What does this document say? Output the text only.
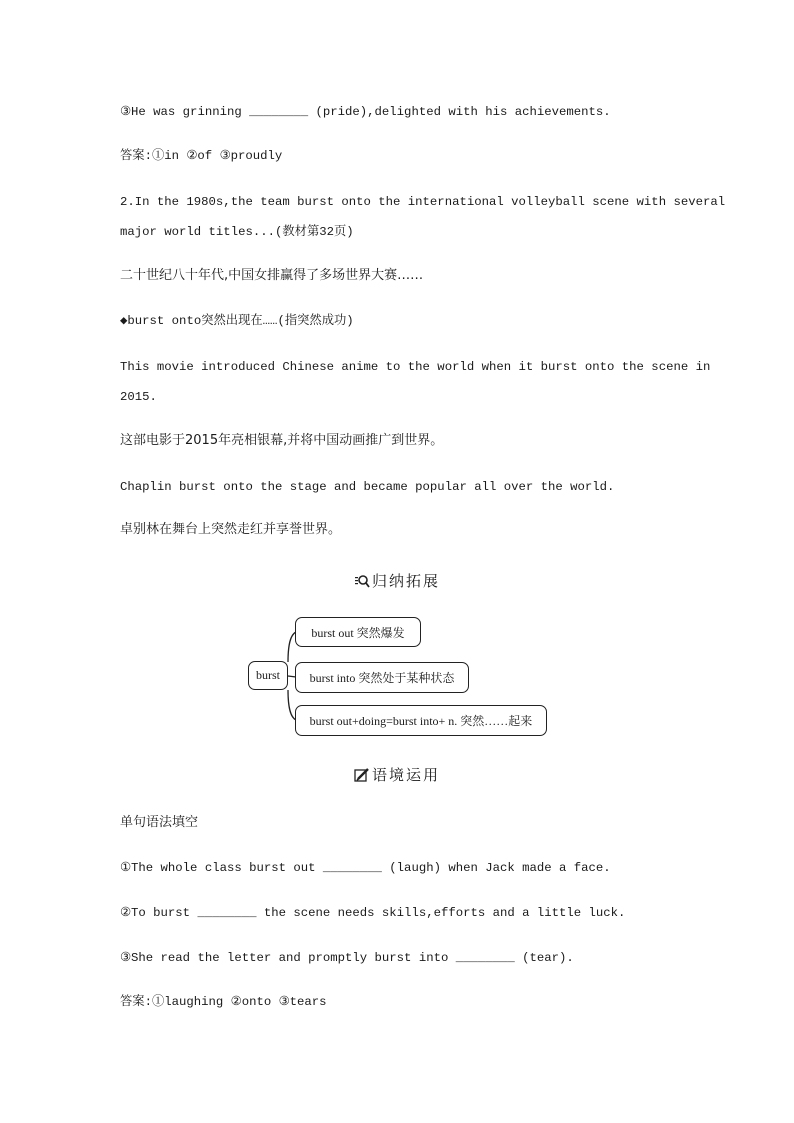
③He was grinning ________ (pride),delighted with his achievements.
答案:①in ②of ③proudly
2.In the 1980s,the team burst onto the international volleyball scene with several
major world titles...(教材第32页)
二十世纪八十年代,中国女排赢得了多场世界大赛……
◆burst onto突然出现在……(指突然成功)
This movie introduced Chinese anime to the world when it burst onto the scene in
2015.
这部电影于2015年亮相银幕,并将中国动画推广到世界。
Chaplin burst onto the stage and became popular all over the world.
卓别林在舞台上突然走红并享誉世界。
归纳拓展
burst
burst out 突然爆发
burst into 突然处于某种状态
burst out+doing=burst into+ n. 突然……起来
语境运用
单句语法填空
①The whole class burst out ________ (laugh) when Jack made a face.
②To burst ________ the scene needs skills,efforts and a little luck.
③She read the letter and promptly burst into ________ (tear).
答案:①laughing ②onto ③tears
